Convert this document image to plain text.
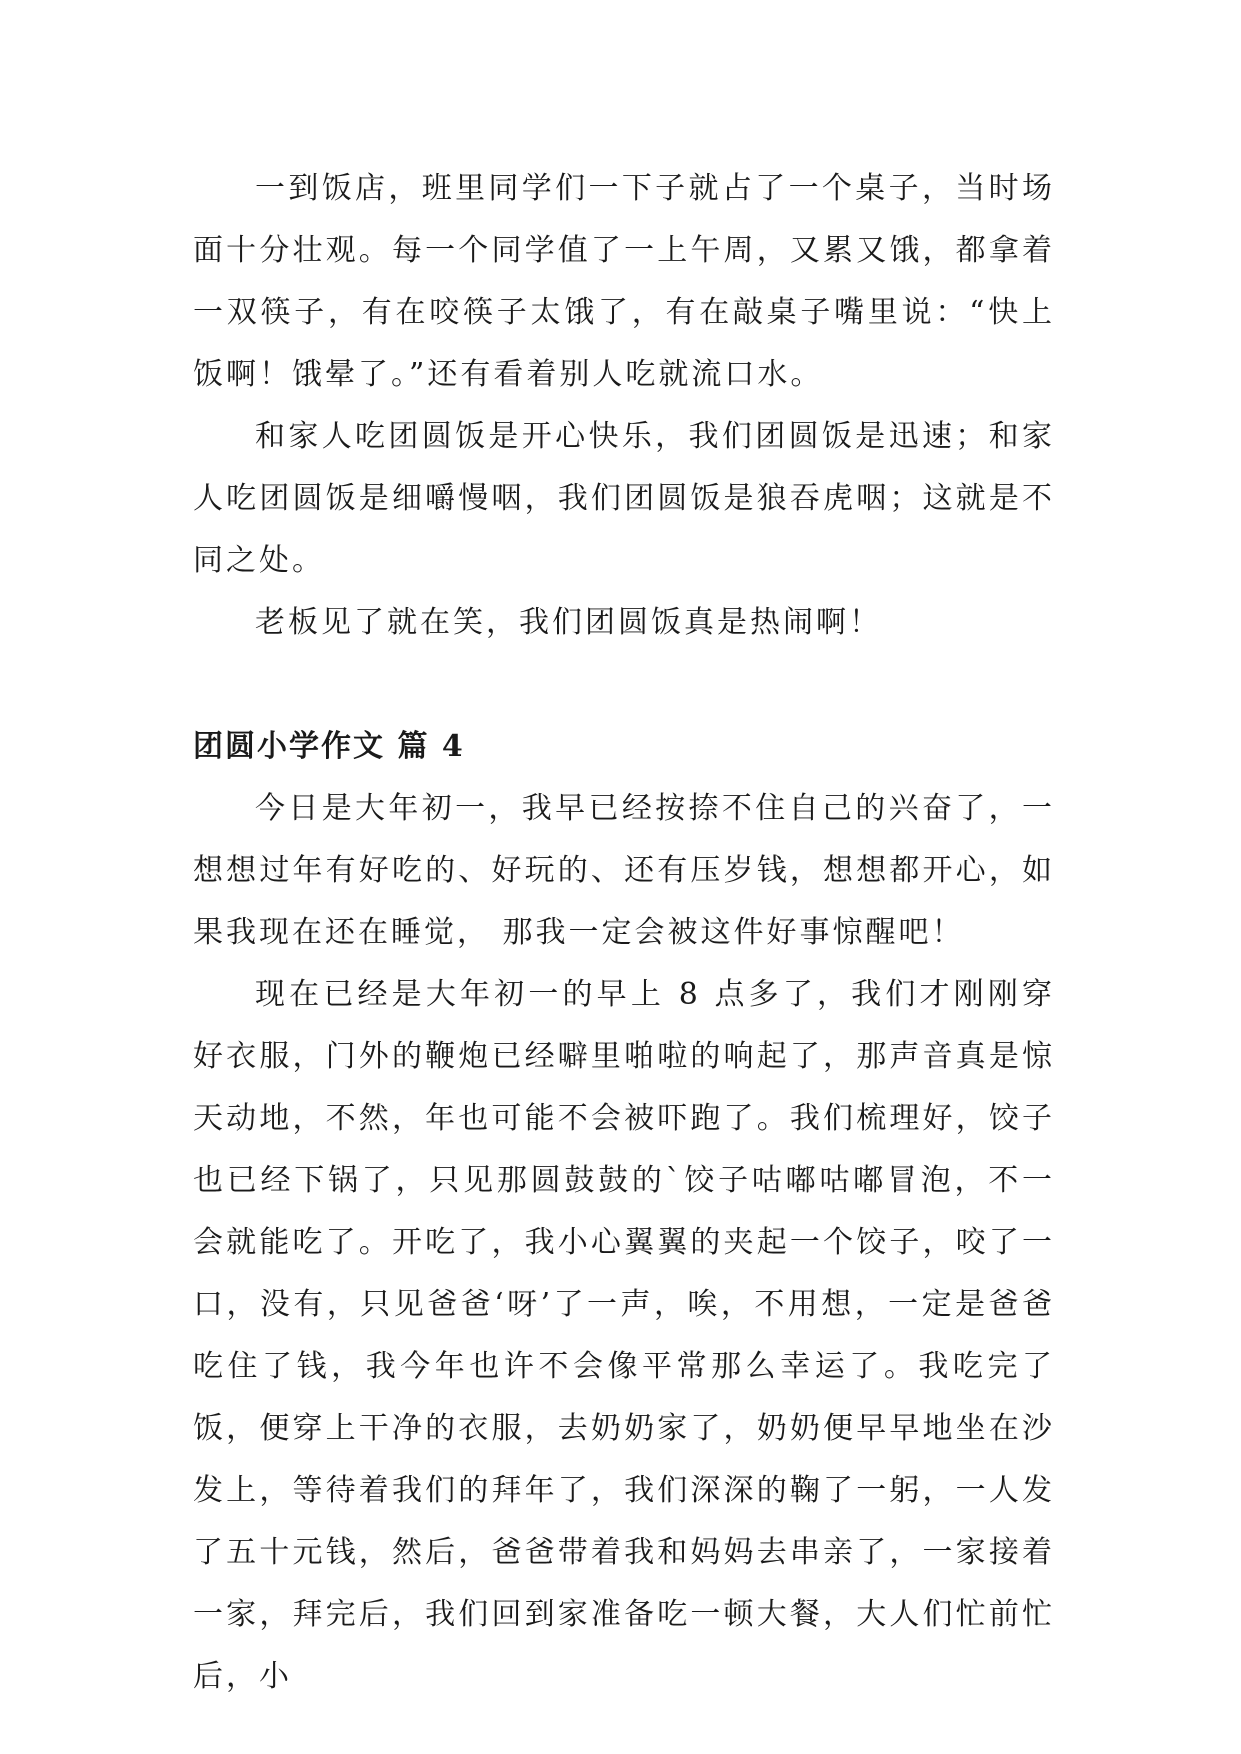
一到饭店，班里同学们一下子就占了一个桌子，当时场面十分壮观。每一个同学值了一上午周，又累又饿，都拿着一双筷子，有在咬筷子太饿了，有在敲桌子嘴里说：“快上饭啊！饿晕了。”还有看着别人吃就流口水。

和家人吃团圆饭是开心快乐，我们团圆饭是迅速；和家人吃团圆饭是细嚼慢咽，我们团圆饭是狼吞虎咽；这就是不同之处。

老板见了就在笑，我们团圆饭真是热闹啊！

团圆小学作文 篇 4

今日是大年初一，我早已经按捺不住自己的兴奋了，一想想过年有好吃的、好玩的、还有压岁钱，想想都开心，如果我现在还在睡觉， 那我一定会被这件好事惊醒吧！

现在已经是大年初一的早上 8 点多了，我们才刚刚穿好衣服，门外的鞭炮已经噼里啪啦的响起了，那声音真是惊天动地，不然，年也可能不会被吓跑了。我们梳理好，饺子也已经下锅了，只见那圆鼓鼓的`饺子咕嘟咕嘟冒泡，不一会就能吃了。开吃了，我小心翼翼的夹起一个饺子，咬了一口，没有，只见爸爸‘呀’了一声，唉，不用想，一定是爸爸吃住了钱，我今年也许不会像平常那么幸运了。我吃完了饭，便穿上干净的衣服，去奶奶家了，奶奶便早早地坐在沙发上，等待着我们的拜年了，我们深深的鞠了一躬，一人发了五十元钱，然后，爸爸带着我和妈妈去串亲了，一家接着一家，拜完后，我们回到家准备吃一顿大餐，大人们忙前忙后，小
